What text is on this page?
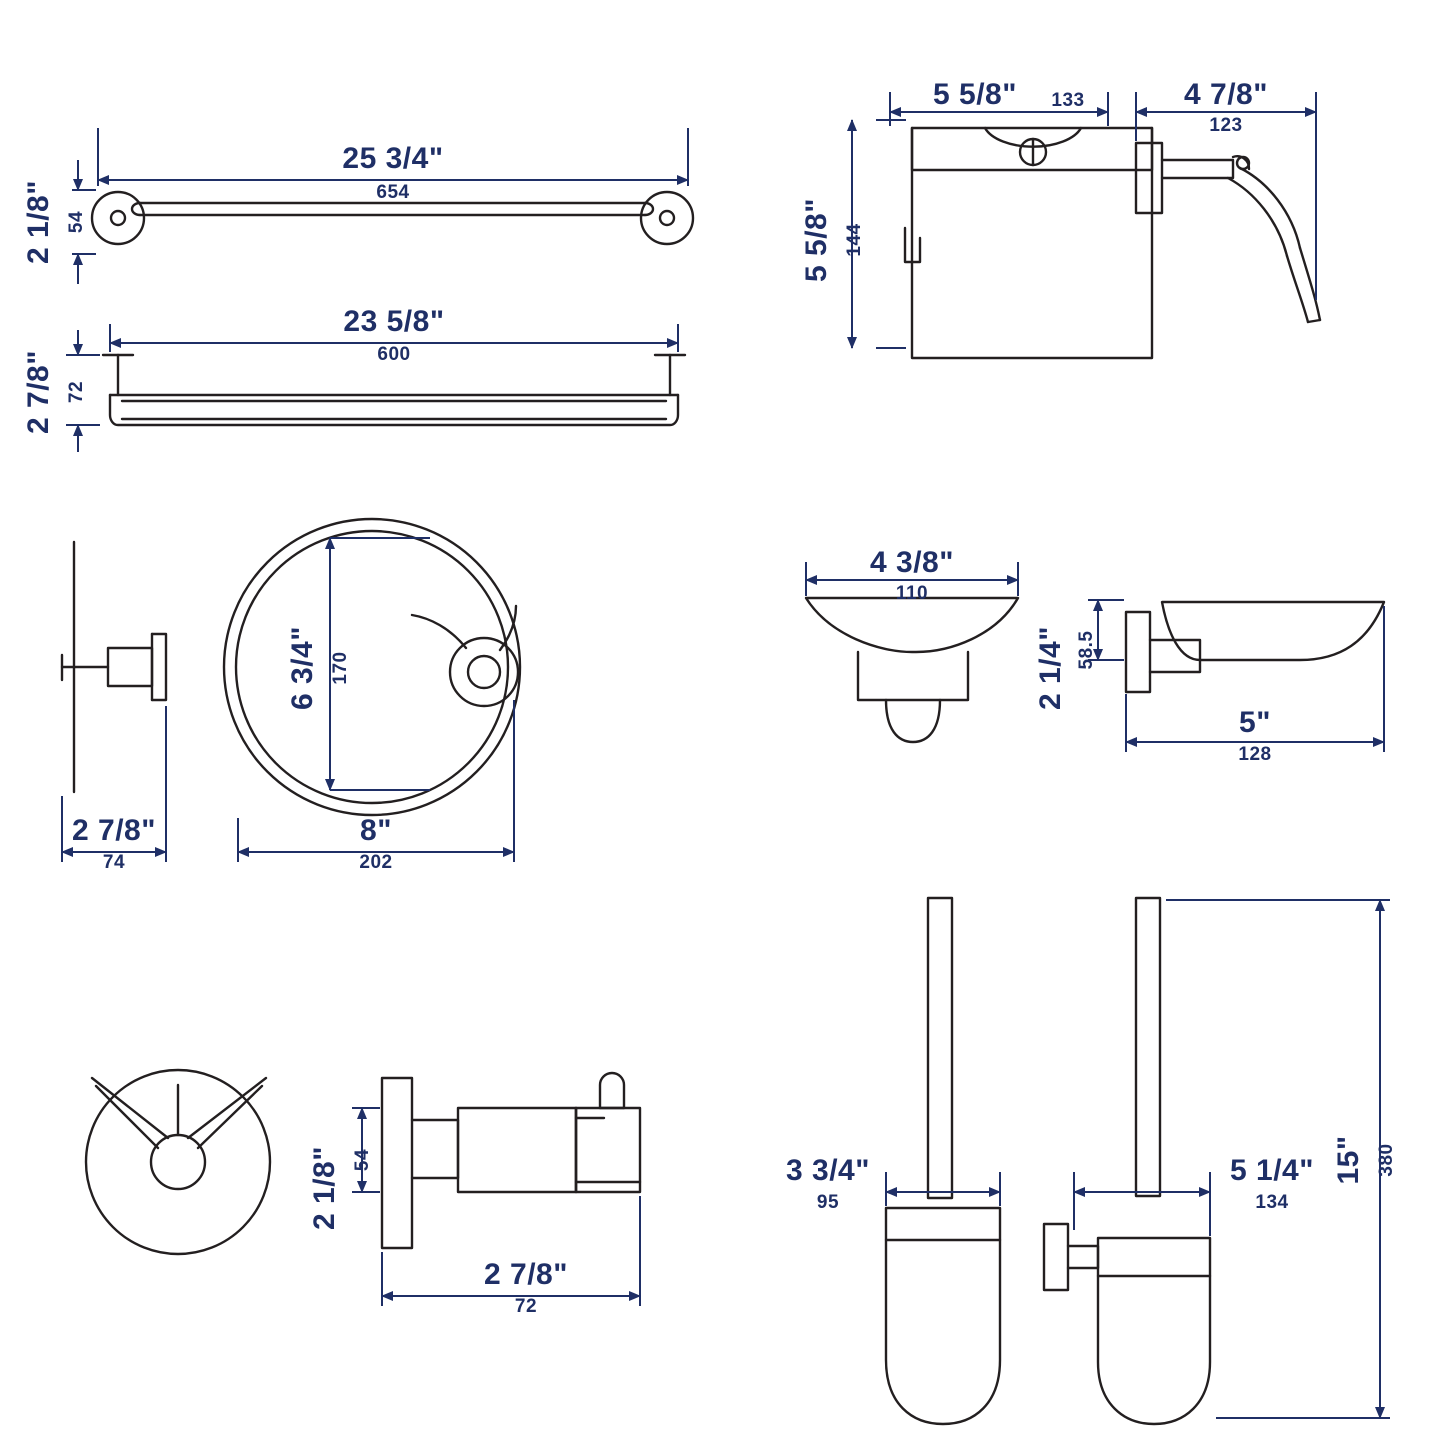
2 1/8" 54
25 3/4"
654
23 5/8"
600
2 7/8" 72
5 5/8" 133
5 5/8" 144
4 7/8"
123
2 7/8"
74
6 3/4" 170
8"
202
4 3/8"
110
2 1/4" 58.5
5"
128
2 1/8" 54
2 7/8"
72
3 3/4"
95
5 1/4"
134
15" 380
